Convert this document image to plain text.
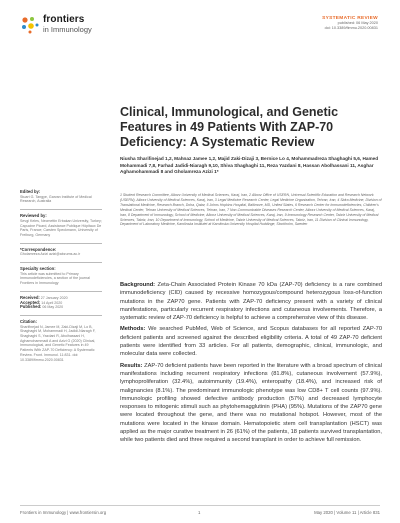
frontiers
in Immunology
SYSTEMATIC REVIEW
published: 06 May 2020
doi: 10.3389/fimmu.2020.00831
Clinical, Immunological, and Genetic Features in 49 Patients With ZAP-70 Deficiency: A Systematic Review
Niusha Sharifinejad 1,2, Mahnaz Jamee 1,2, Majid Zaki-Dizaji 3, Bernice Lo 4, Mohammadreza Shaghaghi 5,6, Hamed Mohammadi 7,8, Farhad Jadidi-Niaragh 9,10, Shiva Shaghaghi 11, Reza Yazdani 8, Hassan Abolhassani 11, Asghar Aghamohammadi 8 and Gholamreza Azizi 1*
1 Student Research Committee, Alborz University of Medical Sciences, Karaj, Iran, 2 Alborz Office of USERN, Universal Scientific Education and Research Network (USERN), Alborz University of Medical Sciences, Karaj, Iran, 3 Legal Medicine Research Center, Legal Medicine Organization, Tehran, Iran, 4 Sidra Medicine, Division of Translational Medicine, Research Branch, Doha, Qatar, 5 Johns Hopkins Hospital, Baltimore, MD, United States, 6 Research Center for Immunodeficiencies, Children's Medical Center, Tehran University of Medical Sciences, Tehran, Iran, 7 Non-Communicable Diseases Research Center, Alborz University of Medical Sciences, Karaj, Iran, 8 Department of Immunology, School of Medicine, Alborz University of Medical Sciences, Karaj, Iran, 9 Immunology Research Center, Tabriz University of Medical Sciences, Tabriz, Iran, 10 Department of Immunology, School of Medicine, Tabriz University of Medical Sciences, Tabriz, Iran, 11 Division of Clinical Immunology, Department of Laboratory Medicine, Karolinska Institutet at Karolinska University Hospital Huddinge, Stockholm, Sweden
Edited by:
Stuart G. Tangye, Garvan Institute of Medical Research, Australia
Reviewed by:
Sevgi Keles, Necmettin Erbakan University, Turkey; Capucine Picard, Assistance Publique Hôpitaux De Paris, France; Carsten Speckmann, University of Freiburg, Germany
*Correspondence:
Gholamreza Azizi azizi@abzums.ac.ir
Specialty section:
This article was submitted to Primary Immunodeficiencies, a section of the journal Frontiers in Immunology
Received: 27 January 2020
Accepted: 14 April 2020
Published: 06 May 2020
Citation:
Sharifinejad N, Jamee M, Zaki-Dizaji M, Lo B, Shaghaghi M, Mohammadi H, Jadidi-Niaragh F, Shaghaghi S, Yazdani R, Abolhassani H, Aghamohammadi A and Azizi G (2020) Clinical, Immunological, and Genetic Features in 49 Patients With ZAP-70 Deficiency: A Systematic Review. Front. Immunol. 11:831. doi: 10.3389/fimmu.2020.00831

Background: Zeta-Chain Associated Protein Kinase 70 kDa (ZAP-70) deficiency is a rare combined immunodeficiency (CID) caused by recessive homozygous/compound heterozygous loss-of-function mutations in the ZAP70 gene. Patients with ZAP-70 deficiency present with a variety of clinical manifestations, particularly recurrent respiratory infections and cutaneous involvements. Therefore, a systematic review of ZAP-70 deficiency is helpful to achieve a comprehensive view of this disease.

Methods: We searched PubMed, Web of Science, and Scopus databases for all reported ZAP-70 deficient patients and screened against the described eligibility criteria. A total of 49 ZAP-70 deficient patients were identified from 33 articles. For all patients, demographic, clinical, immunologic, and molecular data were collected.

Results: ZAP-70 deficient patients have been reported in the literature with a broad spectrum of clinical manifestations including recurrent respiratory infections (81.8%), cutaneous involvement (57.9%), lymphoproliferation (32.4%), autoimmunity (19.4%), enteropathy (18.4%), and increased risk of malignancies (8.1%). The predominant immunologic phenotype was low CD8+ T cell counts (97.9%). Immunologic profiling showed defective antibody production (57%) and decreased lymphocyte responses to mitogenic stimuli such as phytohemagglutinin (PHA) (95%). Mutations of the ZAP70 gene were located throughout the gene, and there was no mutational hotspot. However, most of the mutations were located in the kinase domain. Hematopoietic stem cell transplantation (HSCT) was applied as the major curative treatment in 26 (61%) of the patients, 18 patients survived transplantation, while two patients died and three required a second transplant in order to achieve full remission.

Frontiers in Immunology | www.frontiersin.org	1	May 2020 | Volume 11 | Article 831
